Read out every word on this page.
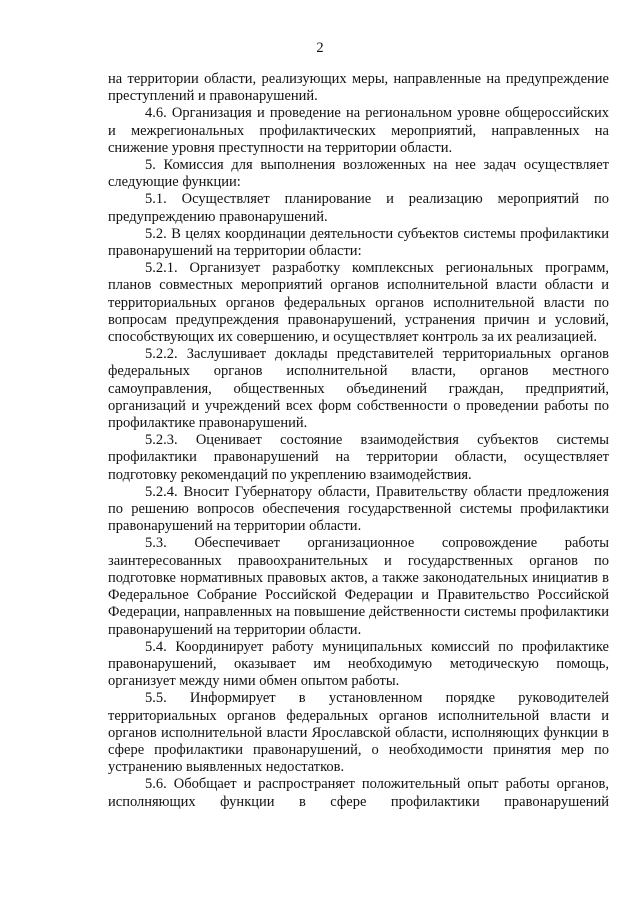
2

на территории области, реализующих меры, направленные на предупреждение преступлений и правонарушений.

4.6. Организация и проведение на региональном уровне общероссийских и межрегиональных профилактических мероприятий, направленных на снижение уровня преступности на территории области.

5. Комиссия для выполнения возложенных на нее задач осуществляет следующие функции:

5.1. Осуществляет планирование и реализацию мероприятий по предупреждению правонарушений.

5.2. В целях координации деятельности субъектов системы профилактики правонарушений на территории области:

5.2.1. Организует разработку комплексных региональных программ, планов совместных мероприятий органов исполнительной власти области и территориальных органов федеральных органов исполнительной власти по вопросам предупреждения правонарушений, устранения причин и условий, способствующих их совершению, и осуществляет контроль за их реализацией.

5.2.2. Заслушивает доклады представителей территориальных органов федеральных органов исполнительной власти, органов местного самоуправления, общественных объединений граждан, предприятий, организаций и учреждений всех форм собственности о проведении работы по профилактике правонарушений.

5.2.3. Оценивает состояние взаимодействия субъектов системы профилактики правонарушений на территории области, осуществляет подготовку рекомендаций по укреплению взаимодействия.

5.2.4. Вносит Губернатору области, Правительству области предложения по решению вопросов обеспечения государственной системы профилактики правонарушений на территории области.

5.3. Обеспечивает организационное сопровождение работы заинтересованных правоохранительных и государственных органов по подготовке нормативных правовых актов, а также законодательных инициатив в Федеральное Собрание Российской Федерации и Правительство Российской Федерации, направленных на повышение действенности системы профилактики правонарушений на территории области.

5.4. Координирует работу муниципальных комиссий по профилактике правонарушений, оказывает им необходимую методическую помощь, организует между ними обмен опытом работы.

5.5. Информирует в установленном порядке руководителей территориальных органов федеральных органов исполнительной власти и органов исполнительной власти Ярославской области, исполняющих функции в сфере профилактики правонарушений, о необходимости принятия мер по устранению выявленных недостатков.

5.6. Обобщает и распространяет положительный опыт работы органов, исполняющих функции в сфере профилактики правонарушений
